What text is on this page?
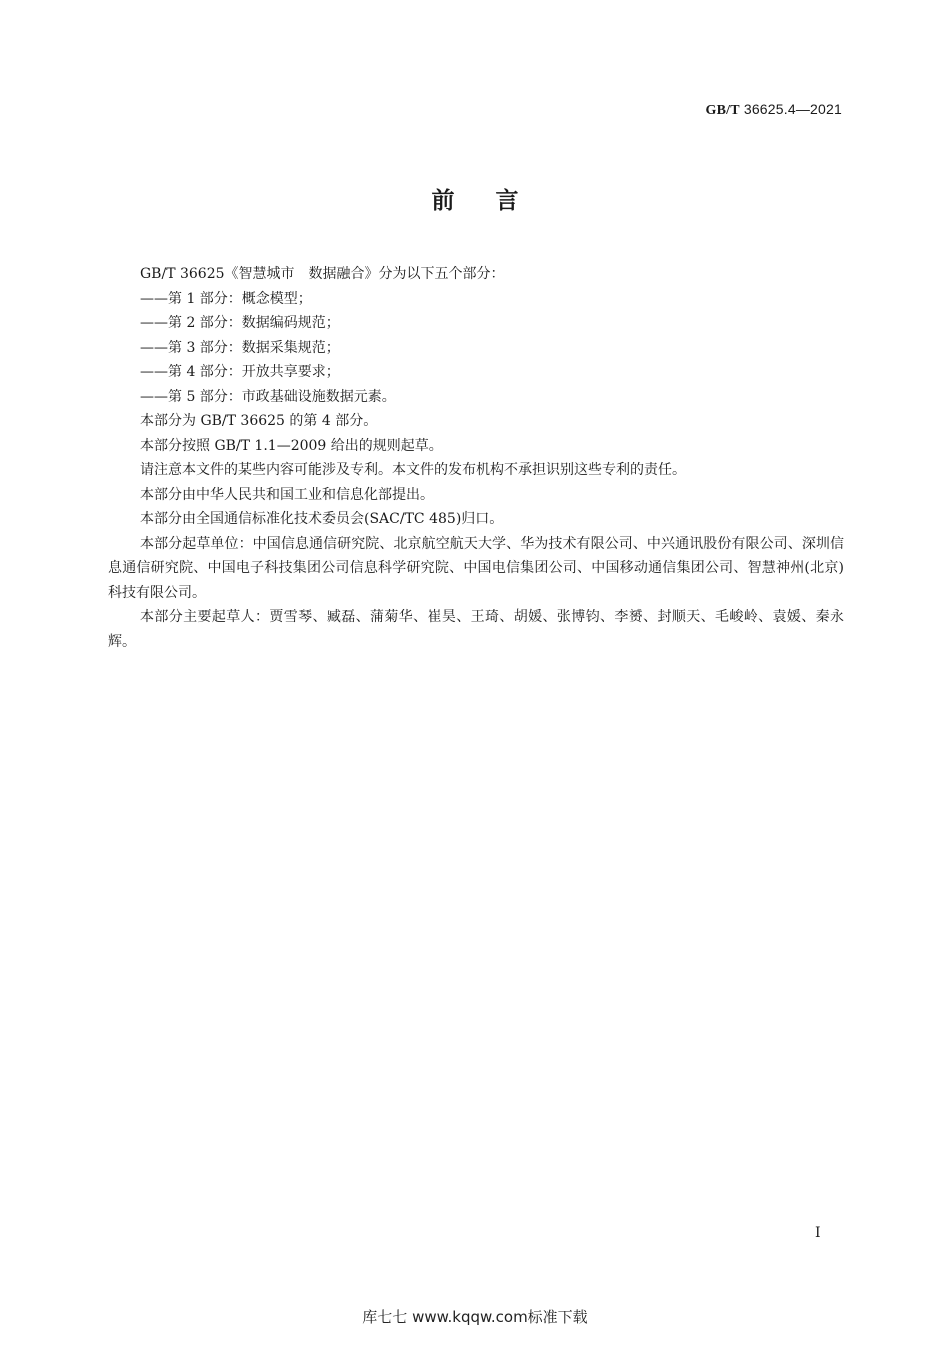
GB/T 36625.4—2021
前言

GB/T 36625《智慧城市　数据融合》分为以下五个部分：

——第 1 部分：概念模型；

——第 2 部分：数据编码规范；

——第 3 部分：数据采集规范；

——第 4 部分：开放共享要求；

——第 5 部分：市政基础设施数据元素。

本部分为 GB/T 36625 的第 4 部分。

本部分按照 GB/T 1.1—2009 给出的规则起草。

请注意本文件的某些内容可能涉及专利。本文件的发布机构不承担识别这些专利的责任。

本部分由中华人民共和国工业和信息化部提出。

本部分由全国通信标准化技术委员会(SAC/TC 485)归口。

本部分起草单位：中国信息通信研究院、北京航空航天大学、华为技术有限公司、中兴通讯股份有限公司、深圳信息通信研究院、中国电子科技集团公司信息科学研究院、中国电信集团公司、中国移动通信集团公司、智慧神州(北京)科技有限公司。

本部分主要起草人：贾雪琴、臧磊、蒲菊华、崔昊、王琦、胡媛、张博钧、李赟、封顺天、毛峻岭、袁媛、秦永辉。

I
库七七 www.kqqw.com标准下载
